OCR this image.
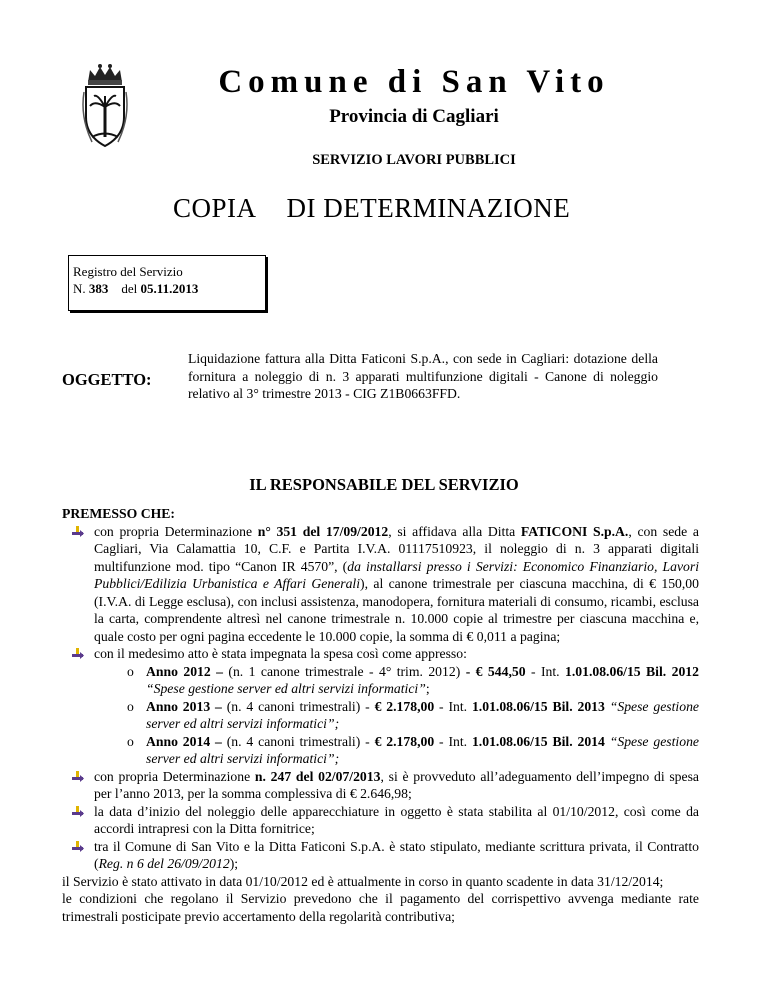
Comune di San Vito
Provincia di Cagliari
SERVIZIO LAVORI PUBBLICI
COPIA DI DETERMINAZIONE
Registro del Servizio
N. 383 del 05.11.2013
OGGETTO:
Liquidazione fattura alla Ditta Faticoni S.p.A., con sede in Cagliari: dotazione della fornitura a noleggio di n. 3 apparati multifunzione digitali - Canone di noleggio relativo al 3° trimestre 2013 - CIG Z1B0663FFD.
IL RESPONSABILE DEL SERVIZIO
PREMESSO CHE:
con propria Determinazione n° 351 del 17/09/2012, si affidava alla Ditta FATICONI S.p.A., con sede a Cagliari, Via Calamattia 10, C.F. e Partita I.V.A. 01117510923, il noleggio di n. 3 apparati digitali multifunzione mod. tipo “Canon IR 4570”, (da installarsi presso i Servizi: Economico Finanziario, Lavori Pubblici/Edilizia Urbanistica e Affari Generali), al canone trimestrale per ciascuna macchina, di € 150,00 (I.V.A. di Legge esclusa), con inclusi assistenza, manodopera, fornitura materiali di consumo, ricambi, esclusa la carta, comprendente altresì nel canone trimestrale n. 10.000 copie al trimestre per ciascuna macchina e, quale costo per ogni pagina eccedente le 10.000 copie, la somma di € 0,011 a pagina;
con il medesimo atto è stata impegnata la spesa così come appresso:
o Anno 2012 – (n. 1 canone trimestrale - 4° trim. 2012) - € 544,50 - Int. 1.01.08.06/15 Bil. 2012 “Spese gestione server ed altri servizi informatici”;
o Anno 2013 – (n. 4 canoni trimestrali) - € 2.178,00 - Int. 1.01.08.06/15 Bil. 2013 “Spese gestione server ed altri servizi informatici”;
o Anno 2014 – (n. 4 canoni trimestrali) - € 2.178,00 - Int. 1.01.08.06/15 Bil. 2014 “Spese gestione server ed altri servizi informatici”;
con propria Determinazione n. 247 del 02/07/2013, si è provveduto all’adeguamento dell’impegno di spesa per l’anno 2013, per la somma complessiva di € 2.646,98;
la data d’inizio del noleggio delle apparecchiature in oggetto è stata stabilita al 01/10/2012, così come da accordi intrapresi con la Ditta fornitrice;
tra il Comune di San Vito e la Ditta Faticoni S.p.A. è stato stipulato, mediante scrittura privata, il Contratto (Reg. n 6 del 26/09/2012);
il Servizio è stato attivato in data 01/10/2012 ed è attualmente in corso in quanto scadente in data 31/12/2014;
le condizioni che regolano il Servizio prevedono che il pagamento del corrispettivo avvenga mediante rate trimestrali posticipate previo accertamento della regolarità contributiva;
